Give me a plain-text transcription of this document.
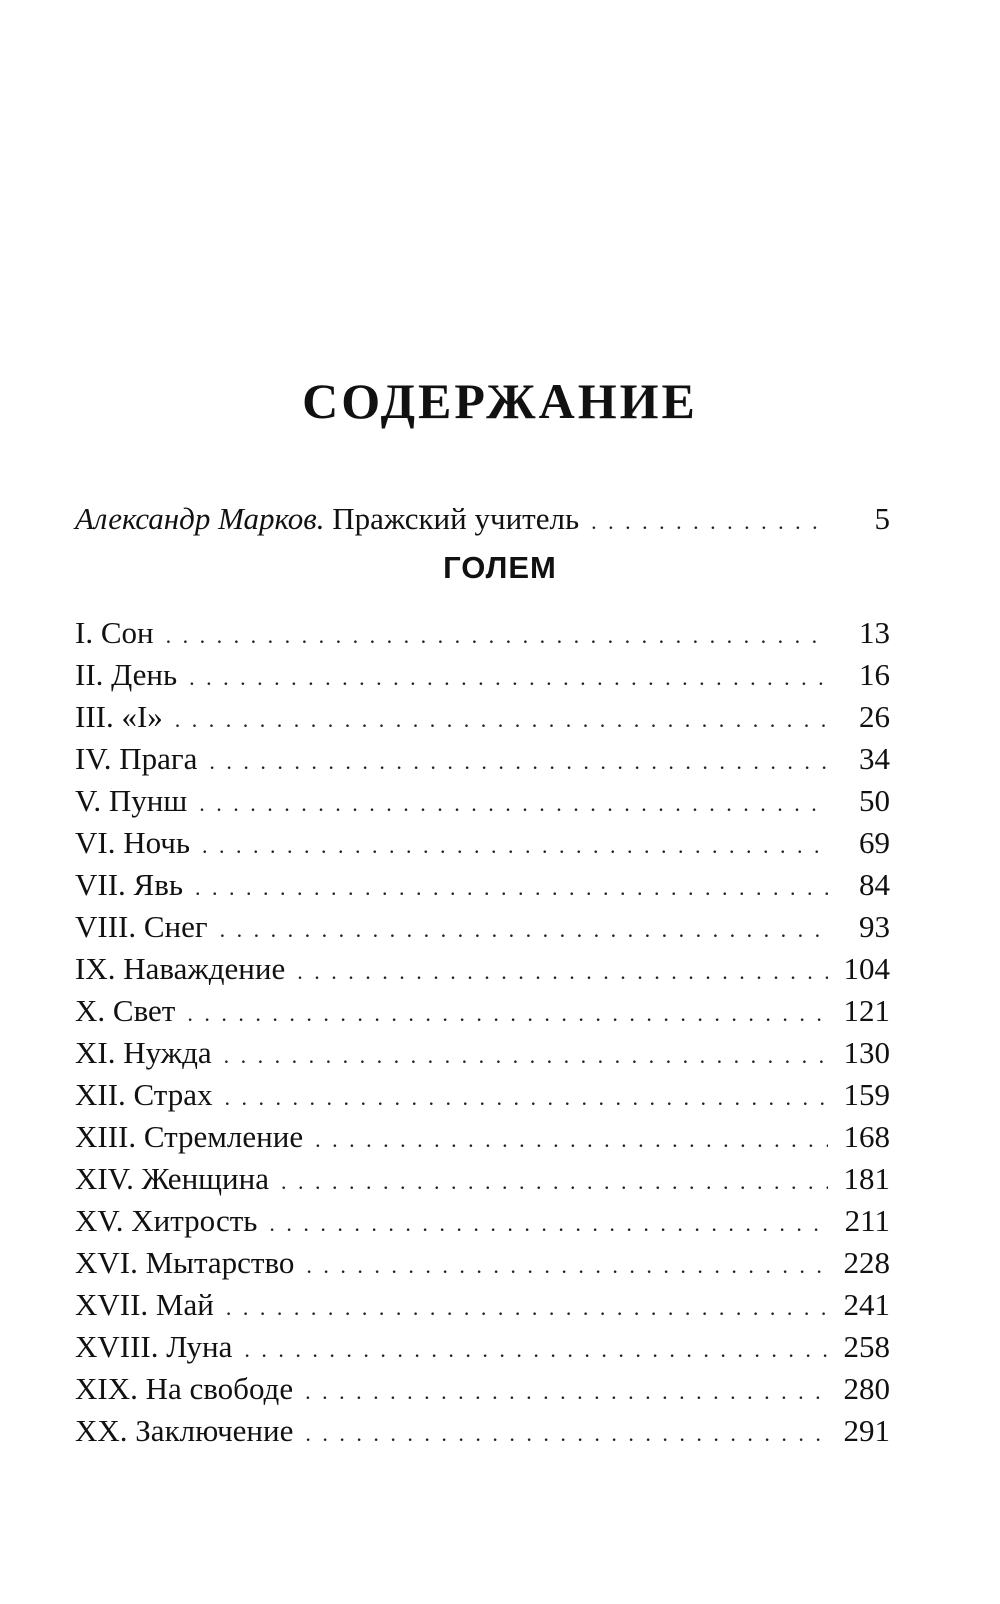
СОДЕРЖАНИЕ
Александр Марков. Пражский учитель . . .	5
ГОЛЕМ
I. Сон . . .	13
II. День . . .	16
III. «I» . . .	26
IV. Прага . . .	34
V. Пунш . . .	50
VI. Ночь . . .	69
VII. Явь . . .	84
VIII. Снег . . .	93
IX. Наваждение . . .	104
X. Свет . . .	121
XI. Нужда . . .	130
XII. Страх . . .	159
XIII. Стремление . . .	168
XIV. Женщина . . .	181
XV. Хитрость . . .	211
XVI. Мытарство . . .	228
XVII. Май . . .	241
XVIII. Луна . . .	258
XIX. На свободе . . .	280
XX. Заключение . . .	291
